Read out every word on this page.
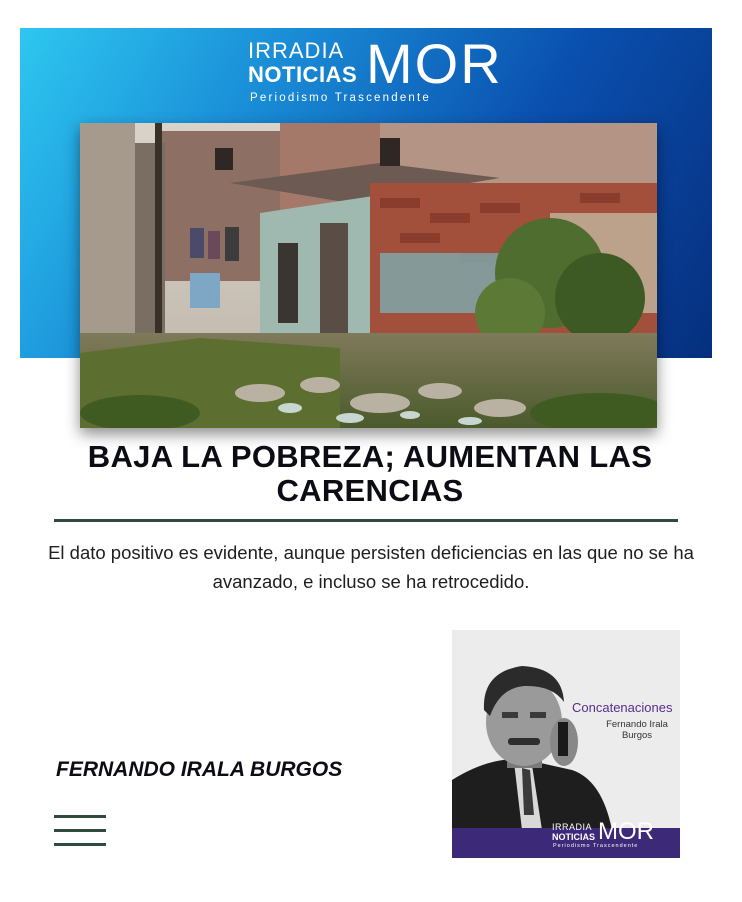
IRRADIA
NOTICIAS MOR
Periodismo Trascendente
BAJA LA POBREZA; AUMENTAN LAS CARENCIAS

El dato positivo es evidente, aunque persisten deficiencias en las que no se ha avanzado, e incluso se ha retrocedido.

FERNANDO IRALA BURGOS
Concatenaciones
Fernando Irala Burgos
IRRADIA
NOTICIAS MOR
Periodismo Trascendente
